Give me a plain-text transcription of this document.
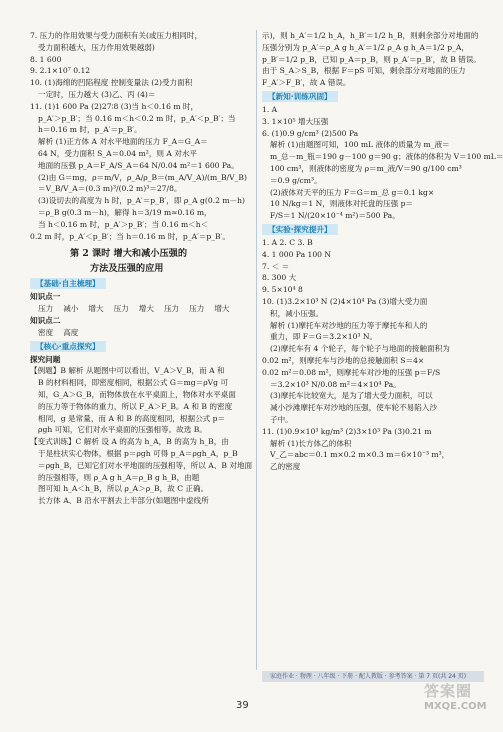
7. 压力的作用效果与受力面积有关(或压力相同时，
受力面积越大，压力作用效果越弱)
8. 1 600
9. 2.1×10⁷ 0.12
10. (1)海绵的凹陷程度 控制变量法 (2)受力面积
一定时，压力越大 (3)乙、丙 (4)＝
11. (1)1 600 Pa (2)27∶8 (3)当 h＜0.16 m 时，
p_A′＞p_B′；当 0.16 m＜h＜0.2 m 时，p_A′＜p_B′；当
h＝0.16 m 时，p_A′＝p_B′。
解析 (1)正方体 A 对水平地面的压力 F_A＝G_A＝
64 N，受力面积 S_A＝0.04 m²，则 A 对水平
地面的压强 p_A＝F_A/S_A＝64 N/0.04 m²＝1 600 Pa。
(2)由 G＝mg，ρ＝m/V，ρ_A/ρ_B＝(m_A/V_A)/(m_B/V_B)
＝V_B/V_A＝(0.3 m)³/(0.2 m)³＝27/8。
(3)设切去的高度为 h 时，p_A′＝p_B′，即 ρ_A g(0.2 m－h)
＝ρ_B g(0.3 m－h)，解得 h＝3/19 m≈0.16 m，
当 h＜0.16 m 时，p_A′＞p_B′；当 0.16 m＜h＜
0.2 m 时，p_A′＜p_B′；当 h＝0.16 m 时，p_A′＝p_B′。
第 2 课时 增大和减小压强的
方法及压强的应用
【基础·自主梳理】
知识点一
压力 减小 增大 压力 增大 压力 压力 增大
知识点二
密度 高度
【核心·重点探究】
探究问题
【例题】B 解析 从题图中可以看出，V_A＞V_B，而 A 和
B 的材料相同，即密度相同，根据公式 G＝mg＝ρVg 可
知，G_A＞G_B，而物体放在水平桌面上，物体对水平桌面
的压力等于物体的重力，所以 F_A＞F_B。A 和 B 的密度
相同，g 是常量，而 A 和 B 的高度相同，根据公式 p＝
ρgh 可知，它们对水平桌面的压强相等。故选 B。
【变式训练】C 解析 设 A 的高为 h_A，B 的高为 h_B，由
于是柱状实心物体，根据 p＝ρgh 可得 p_A＝ρgh_A，p_B
＝ρgh_B，已知它们对水平地面的压强相等，所以 A、B 对地面
的压强相等，则 ρ_A g h_A＝ρ_B g h_B，由题
图可知 h_A＜h_B，所以 ρ_A＞ρ_B，故 C 正确。
长方体 A、B 沿水平割去上半部分(如题图中虚线所
示)，则 h_A′＝1/2 h_A，h_B′＝1/2 h_B，则剩余部分对地面的
压强分别为 p_A′＝ρ_A g h_A′＝1/2 ρ_A g h_A＝1/2 p_A，
p_B′＝1/2 p_B，已知 p_A＝p_B，则 p_A′＝p_B′，故 B 错误。
由于 S_A＞S_B，根据 F＝pS 可知，剩余部分对地面的压力
F_A′＞F_B′，故 A 错误。
【新知·训练巩固】
1. A
3. 1×10⁵ 增大压强
6. (1)0.9 g/cm³ (2)500 Pa
解析 (1)由题图可知，100 mL 液体的质量为 m_液＝
m_总－m_瓶＝190 g－100 g＝90 g；液体的体积为 V＝100 mL＝
100 cm³，则液体的密度为 ρ＝m_液/V＝90 g/100 cm³
＝0.9 g/cm³。
(2)液体对天平的压力 F＝G＝m_总 g＝0.1 kg×
10 N/kg＝1 N，则液体对托盘的压强 p＝
F/S＝1 N/(20×10⁻⁴ m²)＝500 Pa。
【实验·探究提升】
1. A 2. C 3. B
4. 1 000 Pa 100 N
7. ＜ ＝
8. 300 大
9. 5×10⁴ 8
10. (1)3.2×10³ N (2)4×10⁴ Pa (3)增大受力面
积，减小压强。
解析 (1)摩托车对沙地的压力等于摩托车和人的
重力，即 F＝G＝3.2×10³ N。
(2)摩托车有 4 个轮子，每个轮子与地面的接触面积为
0.02 m²，则摩托车与沙地的总接触面积 S＝4×
0.02 m²＝0.08 m²，则摩托车对沙地的压强 p＝F/S
＝3.2×10³ N/0.08 m²＝4×10⁴ Pa。
(3)摩托车比较宽大，是为了增大受力面积，可以
减小沙滩摩托车对沙地的压强，使车轮不易陷入沙
子中。
11. (1)0.9×10³ kg/m³ (2)3×10³ Pa (3)0.21 m
解析 (1)长方体乙的体积
V_乙＝abc＝0.1 m×0.2 m×0.3 m＝6×10⁻³ m³，
乙的密度
家庭作业 · 物理 · 八年级 · 下册 · 配人教版 · 参考答案 · 第 7 页(共 24 页)
39
答案圈
MXQE.COM
